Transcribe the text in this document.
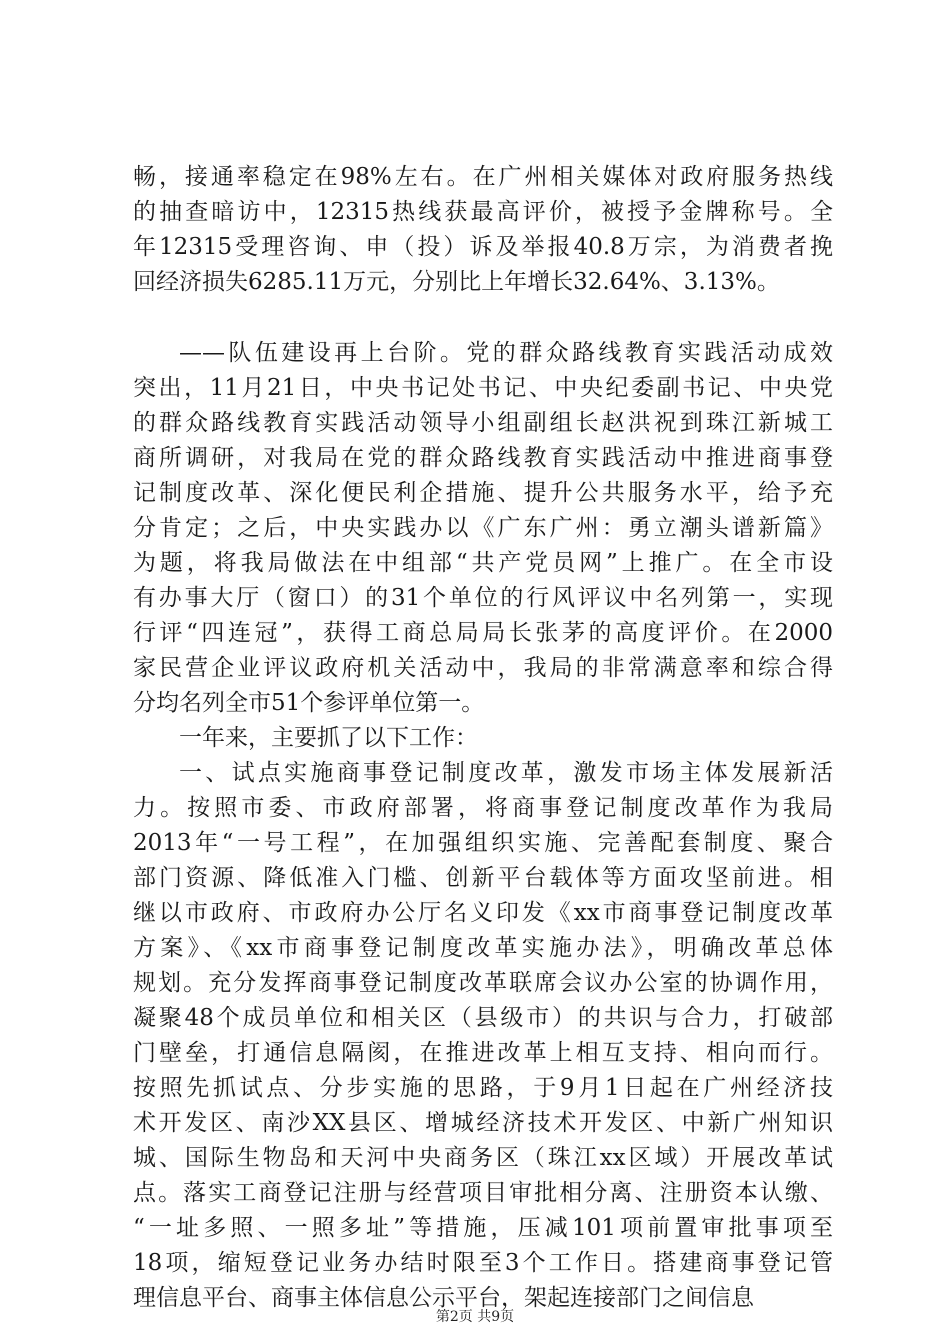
畅，接通率稳定在98%左右。在广州相关媒体对政府服务热线
的抽查暗访中，12315热线获最高评价，被授予金牌称号。全
年12315受理咨询、申（投）诉及举报40.8万宗，为消费者挽
回经济损失6285.11万元，分别比上年增长32.64%、3.13%。
——队伍建设再上台阶。党的群众路线教育实践活动成效
突出，11月21日，中央书记处书记、中央纪委副书记、中央党
的群众路线教育实践活动领导小组副组长赵洪祝到珠江新城工
商所调研，对我局在党的群众路线教育实践活动中推进商事登
记制度改革、深化便民利企措施、提升公共服务水平，给予充
分肯定；之后，中央实践办以《广东广州：勇立潮头谱新篇》
为题，将我局做法在中组部“共产党员网”上推广。在全市设
有办事大厅（窗口）的31个单位的行风评议中名列第一，实现
行评“四连冠”，获得工商总局局长张茅的高度评价。在2000
家民营企业评议政府机关活动中，我局的非常满意率和综合得
分均名列全市51个参评单位第一。
一年来，主要抓了以下工作：
一、试点实施商事登记制度改革，激发市场主体发展新活
力。按照市委、市政府部署，将商事登记制度改革作为我局
2013年“一号工程”，在加强组织实施、完善配套制度、聚合
部门资源、降低准入门槛、创新平台载体等方面攻坚前进。相
继以市政府、市政府办公厅名义印发《xx市商事登记制度改革
方案》、《xx市商事登记制度改革实施办法》，明确改革总体
规划。充分发挥商事登记制度改革联席会议办公室的协调作用，
凝聚48个成员单位和相关区（县级市）的共识与合力，打破部
门壁垒，打通信息隔阂，在推进改革上相互支持、相向而行。
按照先抓试点、分步实施的思路，于9月1日起在广州经济技
术开发区、南沙XX县区、增城经济技术开发区、中新广州知识
城、国际生物岛和天河中央商务区（珠江xx区域）开展改革试
点。落实工商登记注册与经营项目审批相分离、注册资本认缴、
“一址多照、一照多址”等措施，压减101项前置审批事项至
18项，缩短登记业务办结时限至3个工作日。搭建商事登记管
理信息平台、商事主体信息公示平台，架起连接部门之间信息
第2页 共9页
